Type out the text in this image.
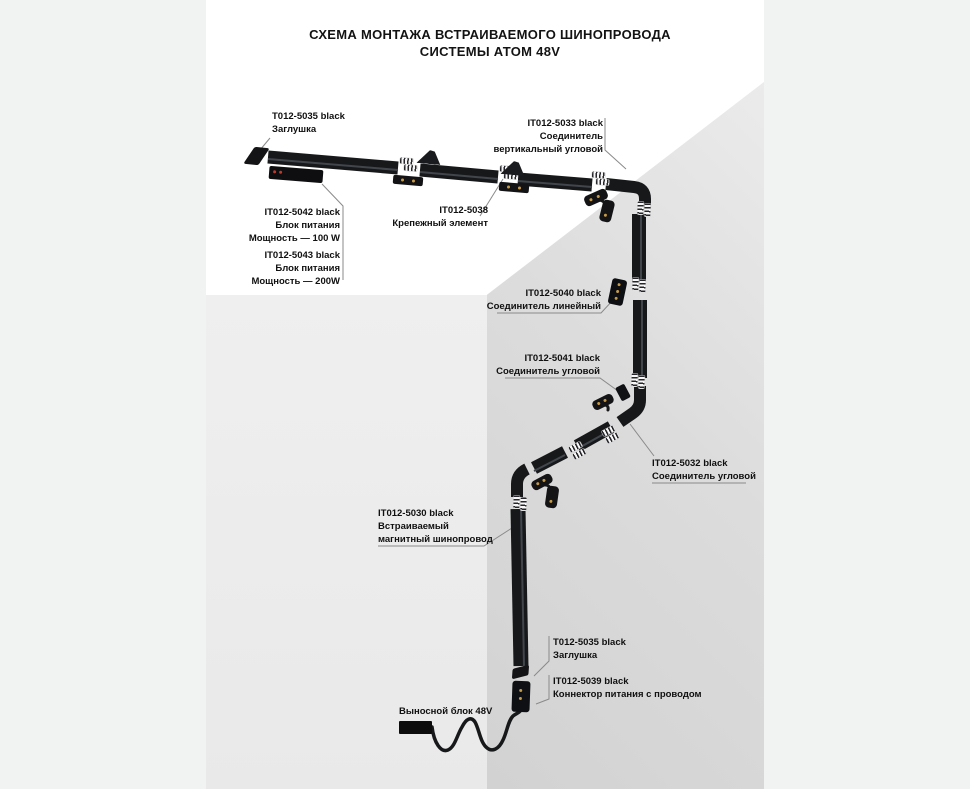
СХЕМА МОНТАЖА ВСТРАИВАЕМОГО ШИНОПРОВОДА
СИСТЕМЫ АТОМ 48V
T012-5035 black
Заглушка
IT012-5042 black
Блок питания
Мощность — 100 W
IT012-5043 black
Блок питания
Мощность — 200W
IT012-5038
Крепежный элемент
IT012-5033 black
Соединитель
вертикальный угловой
IT012-5040 black
Соединитель линейный
IT012-5041 black
Соединитель угловой
IT012-5032 black
Соединитель угловой
IT012-5030 black
Встраиваемый
магнитный шинопровод
T012-5035 black
Заглушка
IT012-5039 black
Коннектор питания с проводом
Выносной блок 48V
